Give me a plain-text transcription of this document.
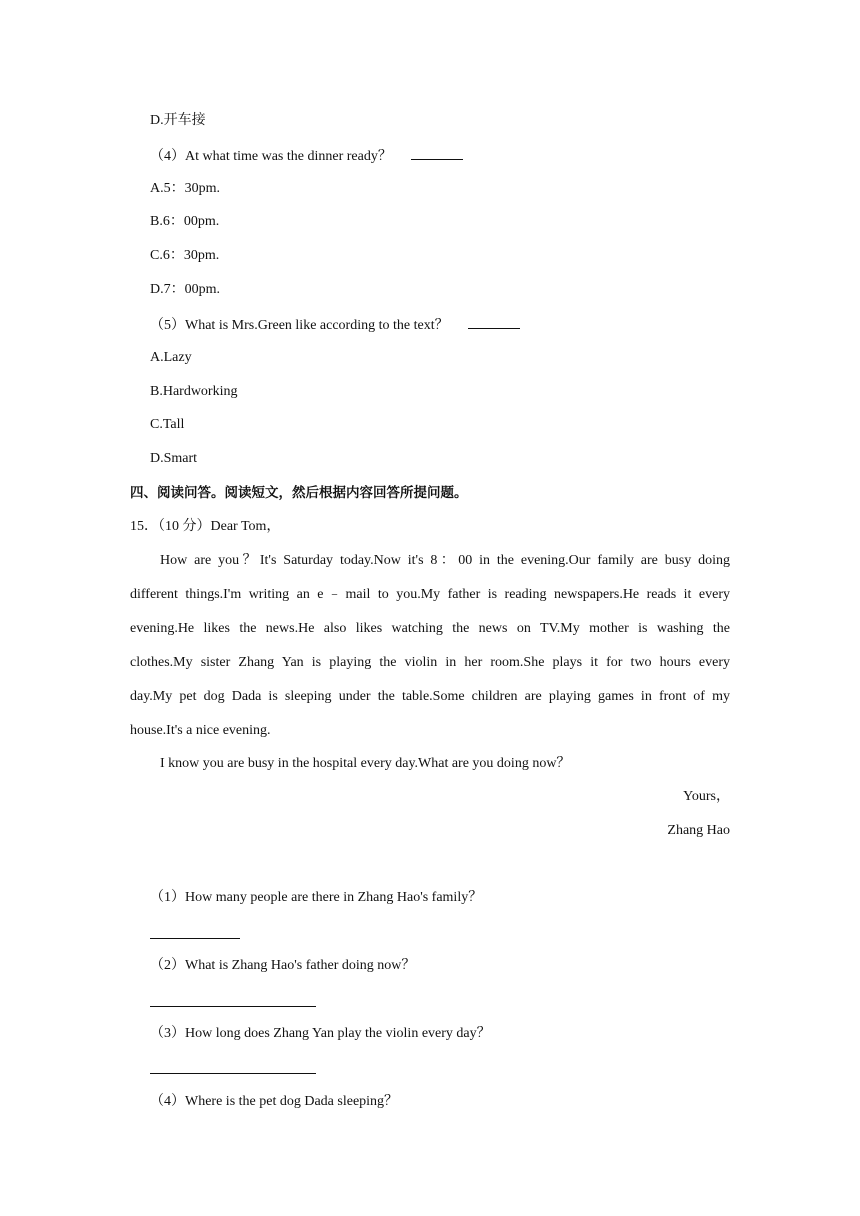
D.开车接
（4）At what time was the dinner ready？
A.5：30pm.
B.6：00pm.
C.6：30pm.
D.7：00pm.
（5）What is Mrs.Green like according to the text？
A.Lazy
B.Hardworking
C.Tall
D.Smart
四、阅读问答。阅读短文，然后根据内容回答所提问题。
15．（10 分）Dear Tom，
How are you？It's Saturday today.Now it's 8：00 in the evening.Our family are busy doing
different things.I'm writing an e﹣mail to you.My father is reading newspapers.He reads it every
evening.He likes the news.He also likes watching the news on TV.My mother is washing the
clothes.My sister Zhang Yan is playing the violin in her room.She plays it for two hours every
day.My pet dog Dada is sleeping under the table.Some children are playing games in front of my
house.It's a nice evening.
I know you are busy in the hospital every day.What are you doing now？
Yours，
Zhang Hao
（1）How many people are there in Zhang Hao's family？
（2）What is Zhang Hao's father doing now？
（3）How long does Zhang Yan play the violin every day？
（4）Where is the pet dog Dada sleeping？
